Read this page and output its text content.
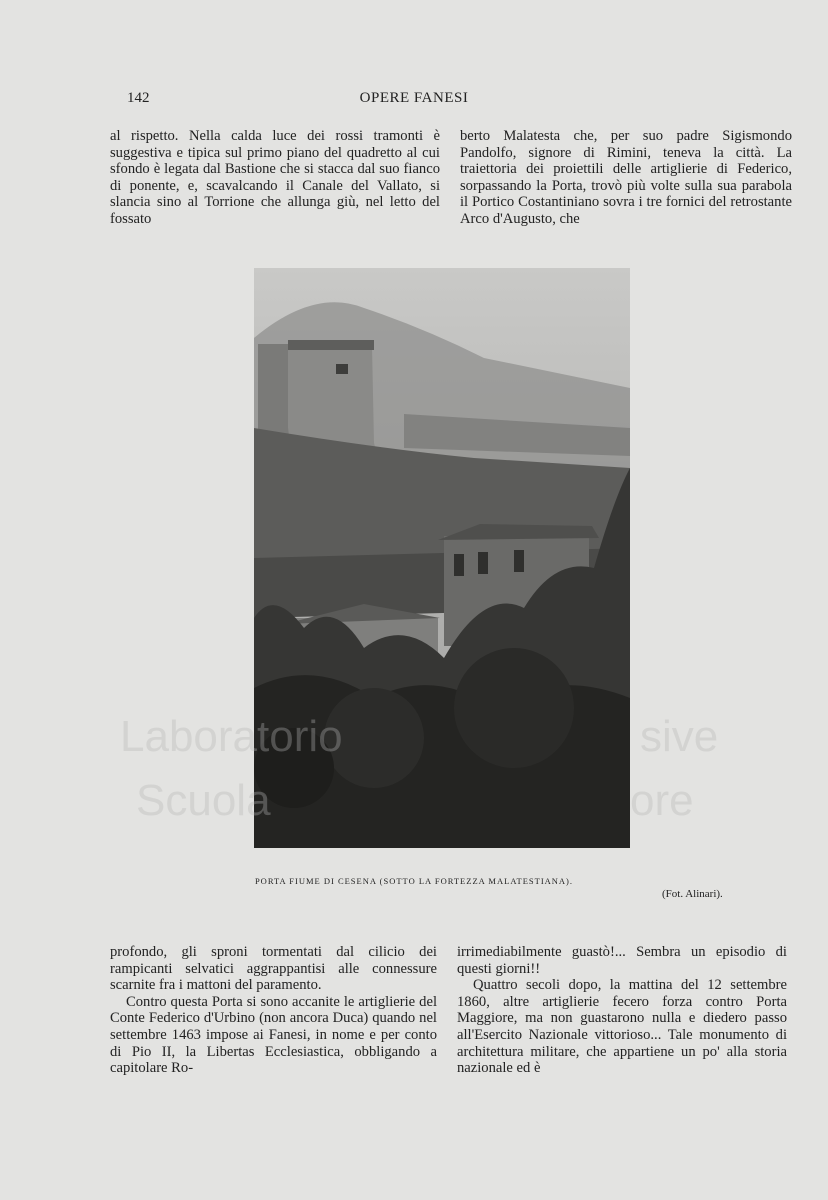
142	OPERE FANESI

al rispetto. Nella calda luce dei rossi tramonti è suggestiva e tipica sul primo piano del quadretto al cui sfondo è legata dal Bastione che si stacca dal suo fianco di ponente, e, scavalcando il Canale del Vallato, si slancia sino al Torrione che allunga giù, nel letto del fossato

berto Malatesta che, per suo padre Sigismondo Pandolfo, signore di Rimini, teneva la città. La traiettoria dei proiettili delle artiglierie di Federico, sorpassando la Porta, trovò più volte sulla sua parabola il Portico Costantiniano sovra i tre fornici del retrostante Arco d'Augusto, che

PORTA FIUME DI CESENA (SOTTO LA FORTEZZA MALATESTIANA).
(Fot. Alinari).

profondo, gli sproni tormentati dal cilicio dei rampicanti selvatici aggrappantisi alle connessure scarnite fra i mattoni del paramento.

Contro questa Porta si sono accanite le artiglierie del Conte Federico d'Urbino (non ancora Duca) quando nel settembre 1463 impose ai Fanesi, in nome e per conto di Pio II, la Libertas Ecclesiastica, obbligando a capitolare Ro-

irrimediabilmente guastò!... Sembra un episodio di questi giorni!!

Quattro secoli dopo, la mattina del 12 settembre 1860, altre artiglierie fecero forza contro Porta Maggiore, ma non guastarono nulla e diedero passo all'Esercito Nazionale vittorioso... Tale monumento di architettura militare, che appartiene un po' alla storia nazionale ed è

Laboratorio
Scuola
sive
ore
